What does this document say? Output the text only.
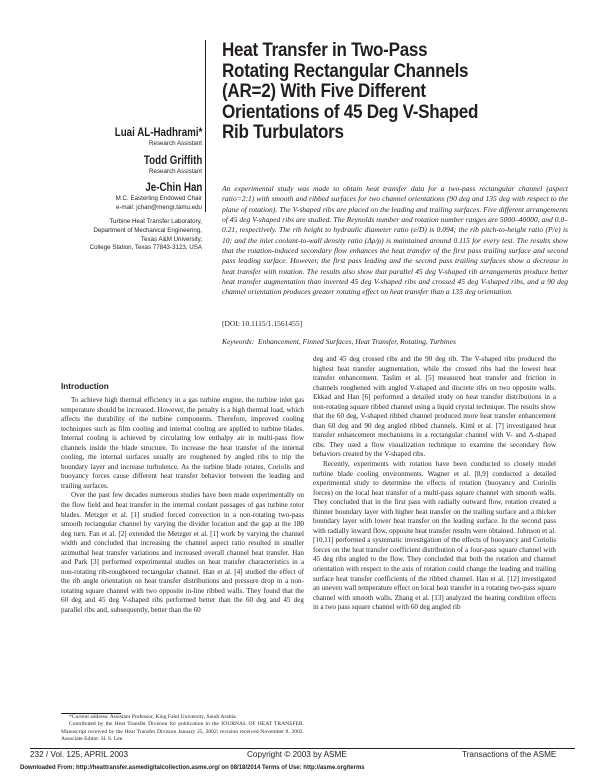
Heat Transfer in Two-Pass
Rotating Rectangular Channels
(AR=2) With Five Different
Orientations of 45 Deg V-Shaped
Rib Turbulators
Luai AL-Hadhrami*
Research Assistant
Todd Griffith
Research Assistant
Je-Chin Han
M.C. Easterling Endowed Chair
e-mail: jchan@mengr.tamu.edu
Turbine Heat Transfer Laboratory,
Department of Mechanical Engineering,
Texas A&M University,
College Station, Texas 77843-3123, USA
An experimental study was made to obtain heat transfer data for a two-pass rectangular channel (aspect ratio=2:1) with smooth and ribbed surfaces for two channel orientations (90 deg and 135 deg with respect to the plane of rotation). The V-shaped ribs are placed on the leading and trailing surfaces. Five different arrangements of 45 deg V-shaped ribs are studied. The Reynolds number and rotation number ranges are 5000–40000, and 0.0–0.21, respectively. The rib height to hydraulic diameter ratio (e/D) is 0.094; the rib pitch-to-height ratio (P/e) is 10; and the inlet coolant-to-wall density ratio (Δρ/ρ) is maintained around 0.115 for every test. The results show that the rotation-induced secondary flow enhances the heat transfer of the first pass trailing surface and second pass leading surface. However, the first pass leading and the second pass trailing surfaces show a decrease in heat transfer with rotation. The results also show that parallel 45 deg V-shaped rib arrangements produce better heat transfer augmentation than inverted 45 deg V-shaped ribs and crossed 45 deg V-shaped ribs, and a 90 deg channel orientation produces greater rotating effect on heat transfer than a 135 deg orientation.
[DOI: 10.1115/1.1561455]
Keywords: Enhancement, Finned Surfaces, Heat Transfer, Rotating, Turbines
Introduction

To achieve high thermal efficiency in a gas turbine engine, the turbine inlet gas temperature should be increased. However, the penalty is a high thermal load, which affects the durability of the turbine components. Therefore, improved cooling techniques such as film cooling and internal cooling are applied to turbine blades. Internal cooling is achieved by circulating low enthalpy air in multi-pass flow channels inside the blade structure. To increase the heat transfer of the internal cooling, the internal surfaces usually are roughened by angled ribs to trip the boundary layer and increase turbulence. As the turbine blade rotates, Coriolis and buoyancy forces cause different heat transfer behavior between the leading and trailing surfaces.

Over the past few decades numerous studies have been made experimentally on the flow field and heat transfer in the internal coolant passages of gas turbine rotor blades. Metzger et al. [1] studied forced convection in a non-rotating two-pass smooth rectangular channel by varying the divider location and the gap at the 180 deg turn. Fan et al. [2] extended the Metzger et al. [1] work by varying the channel width and concluded that increasing the channel aspect ratio resulted in smaller azimuthal heat transfer variations and increased overall channel heat transfer. Han and Park [3] performed experimental studies on heat transfer characteristics in a non-rotating rib-roughened rectangular channel. Han et al. [4] studied the effect of the rib angle orientation on heat transfer distributions and pressure drop in a non-rotating square channel with two opposite in-line ribbed walls. They found that the 60 deg and 45 deg V-shaped ribs performed better than the 60 deg and 45 deg parallel ribs and, subsequently, better than the 60

*Current address: Assistant Professor, King Fahd University, Saudi Arabia.

Contributed by the Heat Transfer Division for publication in the JOURNAL OF HEAT TRANSFER. Manuscript received by the Heat Transfer Division January 25, 2002; revision received November 8, 2002. Associate Editor: H. S. Lee.

deg and 45 deg crossed ribs and the 90 deg rib. The V-shaped ribs produced the highest heat transfer augmentation, while the crossed ribs had the lowest heat transfer enhancement. Taslim et al. [5] measured heat transfer and friction in channels roughened with angled V-shaped and discrete ribs on two opposite walls. Ekkad and Han [6] performed a detailed study on heat transfer distributions in a non-rotating square ribbed channel using a liquid crystal technique. The results show that the 60 deg, V-shaped ribbed channel produced more heat transfer enhancement than 60 deg and 90 deg angled ribbed channels. Kiml et al. [7] investigated heat transfer enhancement mechanisms in a rectangular channel with V- and Λ-shaped ribs. They used a flow visualization technique to examine the secondary flow behaviors created by the V-shaped ribs.

Recently, experiments with rotation have been conducted to closely model turbine blade cooling environments. Wagner et al. [8,9] conducted a detailed experimental study to determine the effects of rotation (buoyancy and Coriolis forces) on the local heat transfer of a multi-pass square channel with smooth walls. They concluded that in the first pass with radially outward flow, rotation created a thinner boundary layer with higher heat transfer on the trailing surface and a thicker boundary layer with lower heat transfer on the leading surface. In the second pass with radially inward flow, opposite heat transfer results were obtained. Johnson et al. [10,11] performed a systematic investigation of the effects of buoyancy and Coriolis forces on the heat transfer coefficient distribution of a four-pass square channel with 45 deg ribs angled to the flow. They concluded that both the rotation and channel orientation with respect to the axis of rotation could change the leading and trailing surface heat transfer coefficients of the ribbed channel. Han et al. [12] investigated an uneven wall temperature effect on local heat transfer in a rotating two-pass square channel with smooth walls. Zhang et al. [13] analyzed the heating condition effects in a two pass square channel with 60 deg angled rib

232 / Vol. 125, APRIL 2003	Copyright © 2003 by ASME	Transactions of the ASME
Downloaded From: http://heattransfer.asmedigitalcollection.asme.org/ on 08/18/2014 Terms of Use: http://asme.org/terms
